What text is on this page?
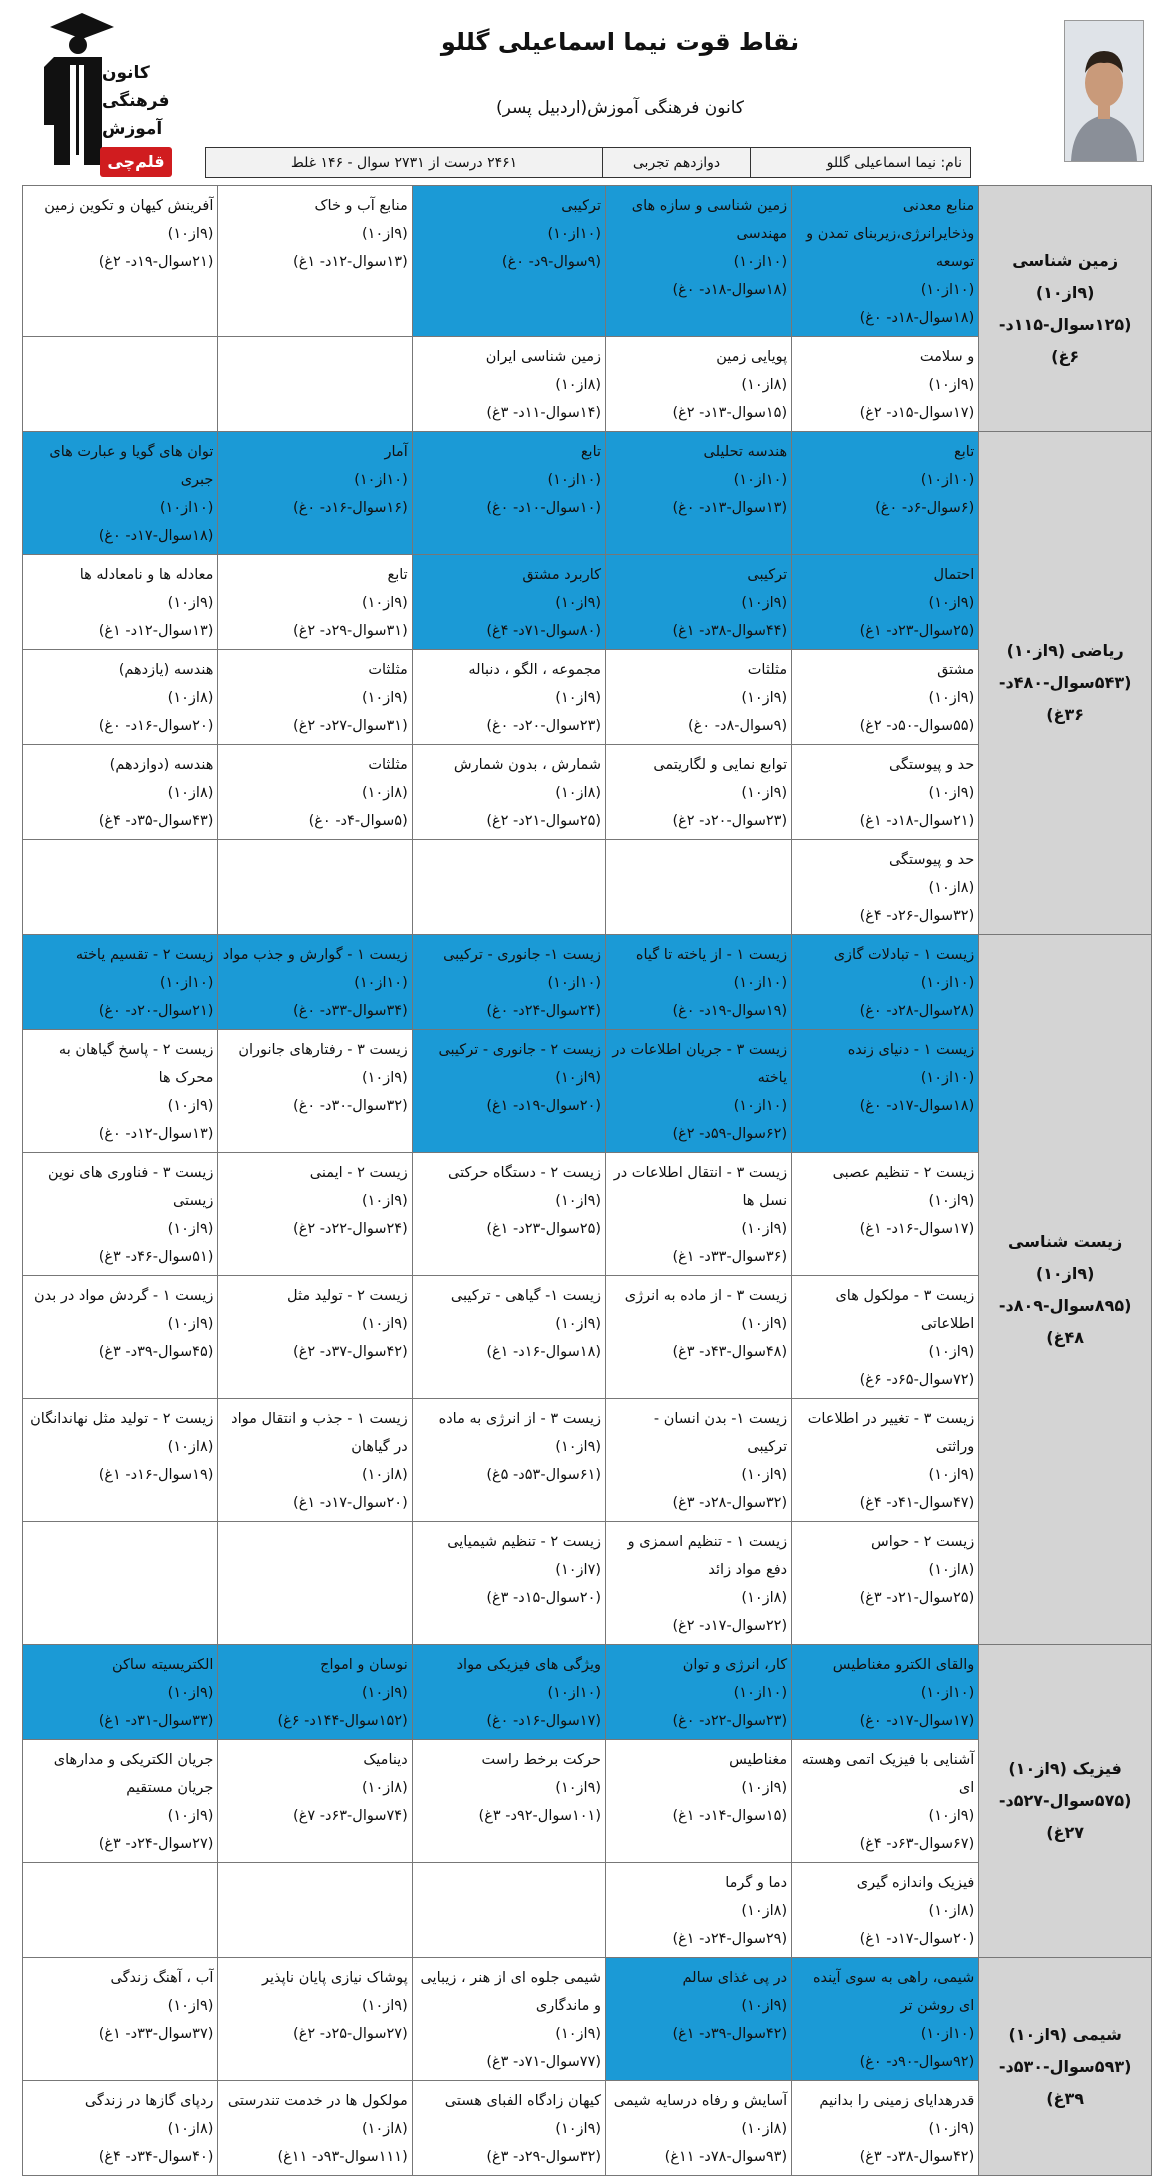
کانون
فرهنگی
آموزش
قلم‌چی
نقاط قوت نیما اسماعیلی گللو
کانون فرهنگی آموزش(اردبیل پسر)
نام: نیما اسماعیلی گللو
دوازدهم تجربی
۲۴۶۱ درست از ۲۷۳۱ سوال - ۱۴۶ غلط
زمین شناسی (۹از۱۰) (۱۲۵سوال-۱۱۵د- ۶غ)	منابع معدنی وذخایرانرژی،زیربنای تمدن و توسعه
(۱۰از۱۰)
(۱۸سوال-۱۸د- ۰غ)	زمین شناسی و سازه های مهندسی
(۱۰از۱۰)
(۱۸سوال-۱۸د- ۰غ)	ترکیبی
(۱۰از۱۰)
(۹سوال-۹د- ۰غ)	منابع آب و خاک
(۹از۱۰)
(۱۳سوال-۱۲د- ۱غ)	آفرینش کیهان و تکوین زمین
(۹از۱۰)
(۲۱سوال-۱۹د- ۲غ)

	و سلامت
(۹از۱۰)
(۱۷سوال-۱۵د- ۲غ)	پویایی زمین
(۸از۱۰)
(۱۵سوال-۱۳د- ۲غ)	زمین شناسی ایران
(۸از۱۰)
(۱۴سوال-۱۱د- ۳غ)		

ریاضی (۹از۱۰) (۵۴۳سوال-۴۸۰د- ۳۶غ)	تابع
(۱۰از۱۰)
(۶سوال-۶د- ۰غ)	هندسه تحلیلی
(۱۰از۱۰)
(۱۳سوال-۱۳د- ۰غ)	تابع
(۱۰از۱۰)
(۱۰سوال-۱۰د- ۰غ)	آمار
(۱۰از۱۰)
(۱۶سوال-۱۶د- ۰غ)	توان های گویا و عبارت های جبری
(۱۰از۱۰)
(۱۸سوال-۱۷د- ۰غ)

	احتمال
(۹از۱۰)
(۲۵سوال-۲۳د- ۱غ)	ترکیبی
(۹از۱۰)
(۴۴سوال-۳۸د- ۱غ)	کاربرد مشتق
(۹از۱۰)
(۸۰سوال-۷۱د- ۴غ)	تابع
(۹از۱۰)
(۳۱سوال-۲۹د- ۲غ)	معادله ها و نامعادله ها
(۹از۱۰)
(۱۳سوال-۱۲د- ۱غ)

	مشتق
(۹از۱۰)
(۵۵سوال-۵۰د- ۲غ)	مثلثات
(۹از۱۰)
(۹سوال-۸د- ۰غ)	مجموعه ، الگو ، دنباله
(۹از۱۰)
(۲۳سوال-۲۰د- ۰غ)	مثلثات
(۹از۱۰)
(۳۱سوال-۲۷د- ۲غ)	هندسه (یازدهم)
(۸از۱۰)
(۲۰سوال-۱۶د- ۰غ)

	حد و پیوستگی
(۹از۱۰)
(۲۱سوال-۱۸د- ۱غ)	توابع نمایی و لگاریتمی
(۹از۱۰)
(۲۳سوال-۲۰د- ۲غ)	شمارش ، بدون شمارش
(۸از۱۰)
(۲۵سوال-۲۱د- ۲غ)	مثلثات
(۸از۱۰)
(۵سوال-۴د- ۰غ)	هندسه (دوازدهم)
(۸از۱۰)
(۴۳سوال-۳۵د- ۴غ)

	حد و پیوستگی
(۸از۱۰)
(۳۲سوال-۲۶د- ۴غ)				

زیست شناسی (۹از۱۰) (۸۹۵سوال-۸۰۹د- ۴۸غ)	زیست ۱ - تبادلات گازی
(۱۰از۱۰)
(۲۸سوال-۲۸د- ۰غ)	زیست ۱ - از یاخته تا گیاه
(۱۰از۱۰)
(۱۹سوال-۱۹د- ۰غ)	زیست ۱- جانوری - ترکیبی
(۱۰از۱۰)
(۲۴سوال-۲۴د- ۰غ)	زیست ۱ - گوارش و جذب مواد
(۱۰از۱۰)
(۳۴سوال-۳۳د- ۰غ)	زیست ۲ - تقسیم یاخته
(۱۰از۱۰)
(۲۱سوال-۲۰د- ۰غ)

	زیست ۱ - دنیای زنده
(۱۰از۱۰)
(۱۸سوال-۱۷د- ۰غ)	زیست ۳ - جریان اطلاعات در یاخته
(۱۰از۱۰)
(۶۲سوال-۵۹د- ۲غ)	زیست ۲ - جانوری - ترکیبی
(۹از۱۰)
(۲۰سوال-۱۹د- ۱غ)	زیست ۳ - رفتارهای جانوران
(۹از۱۰)
(۳۲سوال-۳۰د- ۰غ)	زیست ۲ - پاسخ گیاهان به محرک ها
(۹از۱۰)
(۱۳سوال-۱۲د- ۰غ)

	زیست ۲ - تنظیم عصبی
(۹از۱۰)
(۱۷سوال-۱۶د- ۱غ)	زیست ۳ - انتقال اطلاعات در نسل ها
(۹از۱۰)
(۳۶سوال-۳۳د- ۱غ)	زیست ۲ - دستگاه حرکتی
(۹از۱۰)
(۲۵سوال-۲۳د- ۱غ)	زیست ۲ - ایمنی
(۹از۱۰)
(۲۴سوال-۲۲د- ۲غ)	زیست ۳ - فناوری های نوین زیستی
(۹از۱۰)
(۵۱سوال-۴۶د- ۳غ)

	زیست ۳ - مولکول های اطلاعاتی
(۹از۱۰)
(۷۲سوال-۶۵د- ۶غ)	زیست ۳ - از ماده به انرژی
(۹از۱۰)
(۴۸سوال-۴۳د- ۳غ)	زیست ۱- گیاهی - ترکیبی
(۹از۱۰)
(۱۸سوال-۱۶د- ۱غ)	زیست ۲ - تولید مثل
(۹از۱۰)
(۴۲سوال-۳۷د- ۲غ)	زیست ۱ - گردش مواد در بدن
(۹از۱۰)
(۴۵سوال-۳۹د- ۳غ)

	زیست ۳ - تغییر در اطلاعات وراثتی
(۹از۱۰)
(۴۷سوال-۴۱د- ۴غ)	زیست ۱- بدن انسان - ترکیبی
(۹از۱۰)
(۳۲سوال-۲۸د- ۳غ)	زیست ۳ - از انرژی به ماده
(۹از۱۰)
(۶۱سوال-۵۳د- ۵غ)	زیست ۱ - جذب و انتقال مواد در گیاهان
(۸از۱۰)
(۲۰سوال-۱۷د- ۱غ)	زیست ۲ - تولید مثل نهاندانگان
(۸از۱۰)
(۱۹سوال-۱۶د- ۱غ)

	زیست ۲ - حواس
(۸از۱۰)
(۲۵سوال-۲۱د- ۳غ)	زیست ۱ - تنظیم اسمزی و دفع مواد زائد
(۸از۱۰)
(۲۲سوال-۱۷د- ۲غ)	زیست ۲ - تنظیم شیمیایی
(۷از۱۰)
(۲۰سوال-۱۵د- ۳غ)		

فیزیک (۹از۱۰) (۵۷۵سوال-۵۲۷د- ۲۷غ)	والقای الکترو مغناطیس
(۱۰از۱۰)
(۱۷سوال-۱۷د- ۰غ)	کار، انرژی و توان
(۱۰از۱۰)
(۲۳سوال-۲۲د- ۰غ)	ویژگی های فیزیکی مواد
(۱۰از۱۰)
(۱۷سوال-۱۶د- ۰غ)	نوسان و امواج
(۹از۱۰)
(۱۵۲سوال-۱۴۴د- ۶غ)	الکتریسیته ساکن
(۹از۱۰)
(۳۳سوال-۳۱د- ۱غ)

	آشنایی با فیزیک اتمی وهسته ای
(۹از۱۰)
(۶۷سوال-۶۳د- ۴غ)	مغناطیس
(۹از۱۰)
(۱۵سوال-۱۴د- ۱غ)	حرکت برخط راست
(۹از۱۰)
(۱۰۱سوال-۹۲د- ۳غ)	دینامیک
(۸از۱۰)
(۷۴سوال-۶۳د- ۷غ)	جریان الکتریکی و مدارهای جریان مستقیم
(۹از۱۰)
(۲۷سوال-۲۴د- ۳غ)

	فیزیک واندازه گیری
(۸از۱۰)
(۲۰سوال-۱۷د- ۱غ)	دما و گرما
(۸از۱۰)
(۲۹سوال-۲۴د- ۱غ)			

شیمی (۹از۱۰) (۵۹۳سوال-۵۳۰د- ۳۹غ)	شیمی، راهی به سوی آینده ای روشن تر
(۱۰از۱۰)
(۹۲سوال-۹۰د- ۰غ)	در پی غذای سالم
(۹از۱۰)
(۴۲سوال-۳۹د- ۱غ)	شیمی جلوه ای از هنر ، زیبایی و ماندگاری
(۹از۱۰)
(۷۷سوال-۷۱د- ۳غ)	پوشاک نیازی پایان ناپذیر
(۹از۱۰)
(۲۷سوال-۲۵د- ۲غ)	آب ، آهنگ زندگی
(۹از۱۰)
(۳۷سوال-۳۳د- ۱غ)

	قدرهدایای زمینی را بدانیم
(۹از۱۰)
(۴۲سوال-۳۸د- ۳غ)	آسایش و رفاه درسایه شیمی
(۸از۱۰)
(۹۳سوال-۷۸د- ۱۱غ)	کیهان زادگاه الفبای هستی
(۹از۱۰)
(۳۲سوال-۲۹د- ۳غ)	مولکول ها در خدمت تندرستی
(۸از۱۰)
(۱۱۱سوال-۹۳د- ۱۱غ)	ردپای گازها در زندگی
(۸از۱۰)
(۴۰سوال-۳۴د- ۴غ)
